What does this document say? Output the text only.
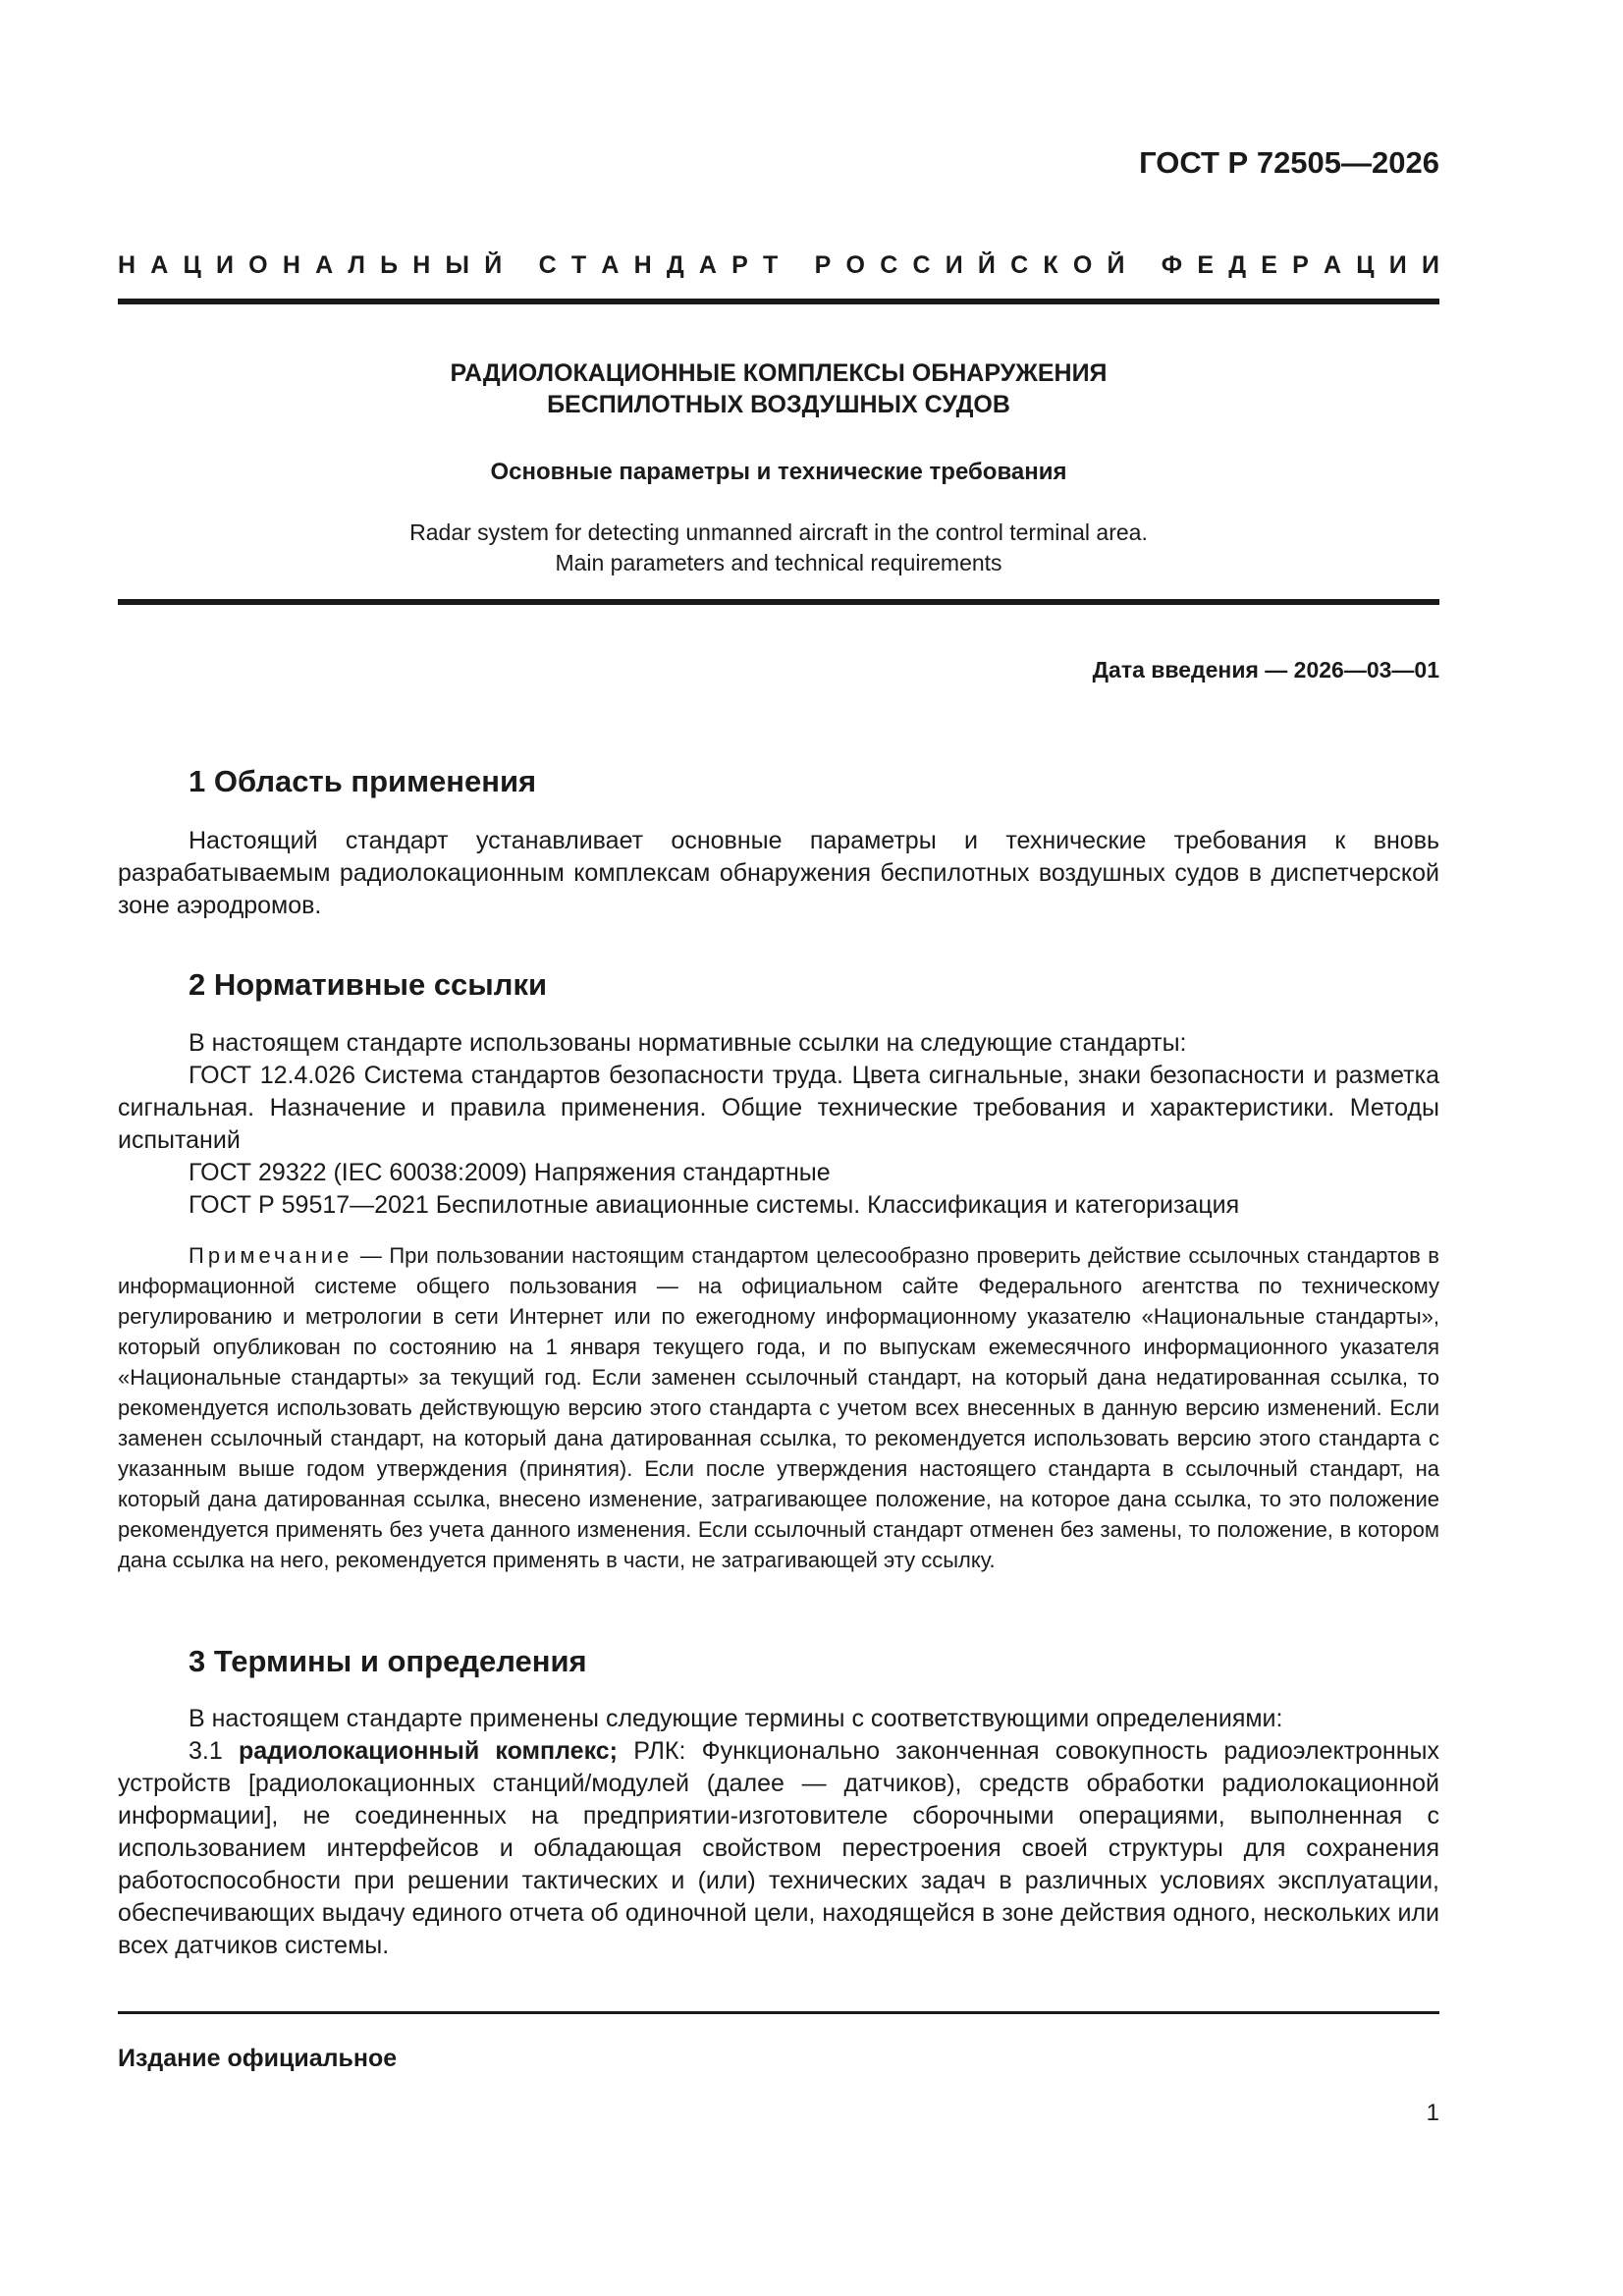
ГОСТ Р 72505—2026
Н А Ц И О Н А Л Ь Н Ы Й
С Т А Н Д А Р Т
Р О С С И Й С К О Й
Ф Е Д Е Р А Ц И И
РАДИОЛОКАЦИОННЫЕ КОМПЛЕКСЫ ОБНАРУЖЕНИЯ
БЕСПИЛОТНЫХ ВОЗДУШНЫХ СУДОВ
Основные параметры и технические требования
Radar system for detecting unmanned aircraft in the control terminal area.
Main parameters and technical requirements
Дата введения — 2026—03—01
1 Область применения

Настоящий стандарт устанавливает основные параметры и технические требования к вновь разрабатываемым радиолокационным комплексам обнаружения беспилотных воздушных судов в диспетчерской зоне аэродромов.

2 Нормативные ссылки

В настоящем стандарте использованы нормативные ссылки на следующие стандарты:

ГОСТ 12.4.026 Система стандартов безопасности труда. Цвета сигнальные, знаки безопасности и разметка сигнальная. Назначение и правила применения. Общие технические требования и характеристики. Методы испытаний

ГОСТ 29322 (IEC 60038:2009) Напряжения стандартные

ГОСТ Р 59517—2021 Беспилотные авиационные системы. Классификация и категоризация

Примечание — При пользовании настоящим стандартом целесообразно проверить действие ссылочных стандартов в информационной системе общего пользования — на официальном сайте Федерального агентства по техническому регулированию и метрологии в сети Интернет или по ежегодному информационному указателю «Национальные стандарты», который опубликован по состоянию на 1 января текущего года, и по выпускам ежемесячного информационного указателя «Национальные стандарты» за текущий год. Если заменен ссылочный стандарт, на который дана недатированная ссылка, то рекомендуется использовать действующую версию этого стандарта с учетом всех внесенных в данную версию изменений. Если заменен ссылочный стандарт, на который дана датированная ссылка, то рекомендуется использовать версию этого стандарта с указанным выше годом утверждения (принятия). Если после утверждения настоящего стандарта в ссылочный стандарт, на который дана датированная ссылка, внесено изменение, затрагивающее положение, на которое дана ссылка, то это положение рекомендуется применять без учета данного изменения. Если ссылочный стандарт отменен без замены, то положение, в котором дана ссылка на него, рекомендуется применять в части, не затрагивающей эту ссылку.
3 Термины и определения

В настоящем стандарте применены следующие термины с соответствующими определениями:

3.1 радиолокационный комплекс; РЛК: Функционально законченная совокупность радиоэлектронных устройств [радиолокационных станций/модулей (далее — датчиков), средств обработки радиолокационной информации], не соединенных на предприятии-изготовителе сборочными операциями, выполненная с использованием интерфейсов и обладающая свойством перестроения своей структуры для сохранения работоспособности при решении тактических и (или) технических задач в различных условиях эксплуатации, обеспечивающих выдачу единого отчета об одиночной цели, находящейся в зоне действия одного, нескольких или всех датчиков системы.

Издание официальное
1
